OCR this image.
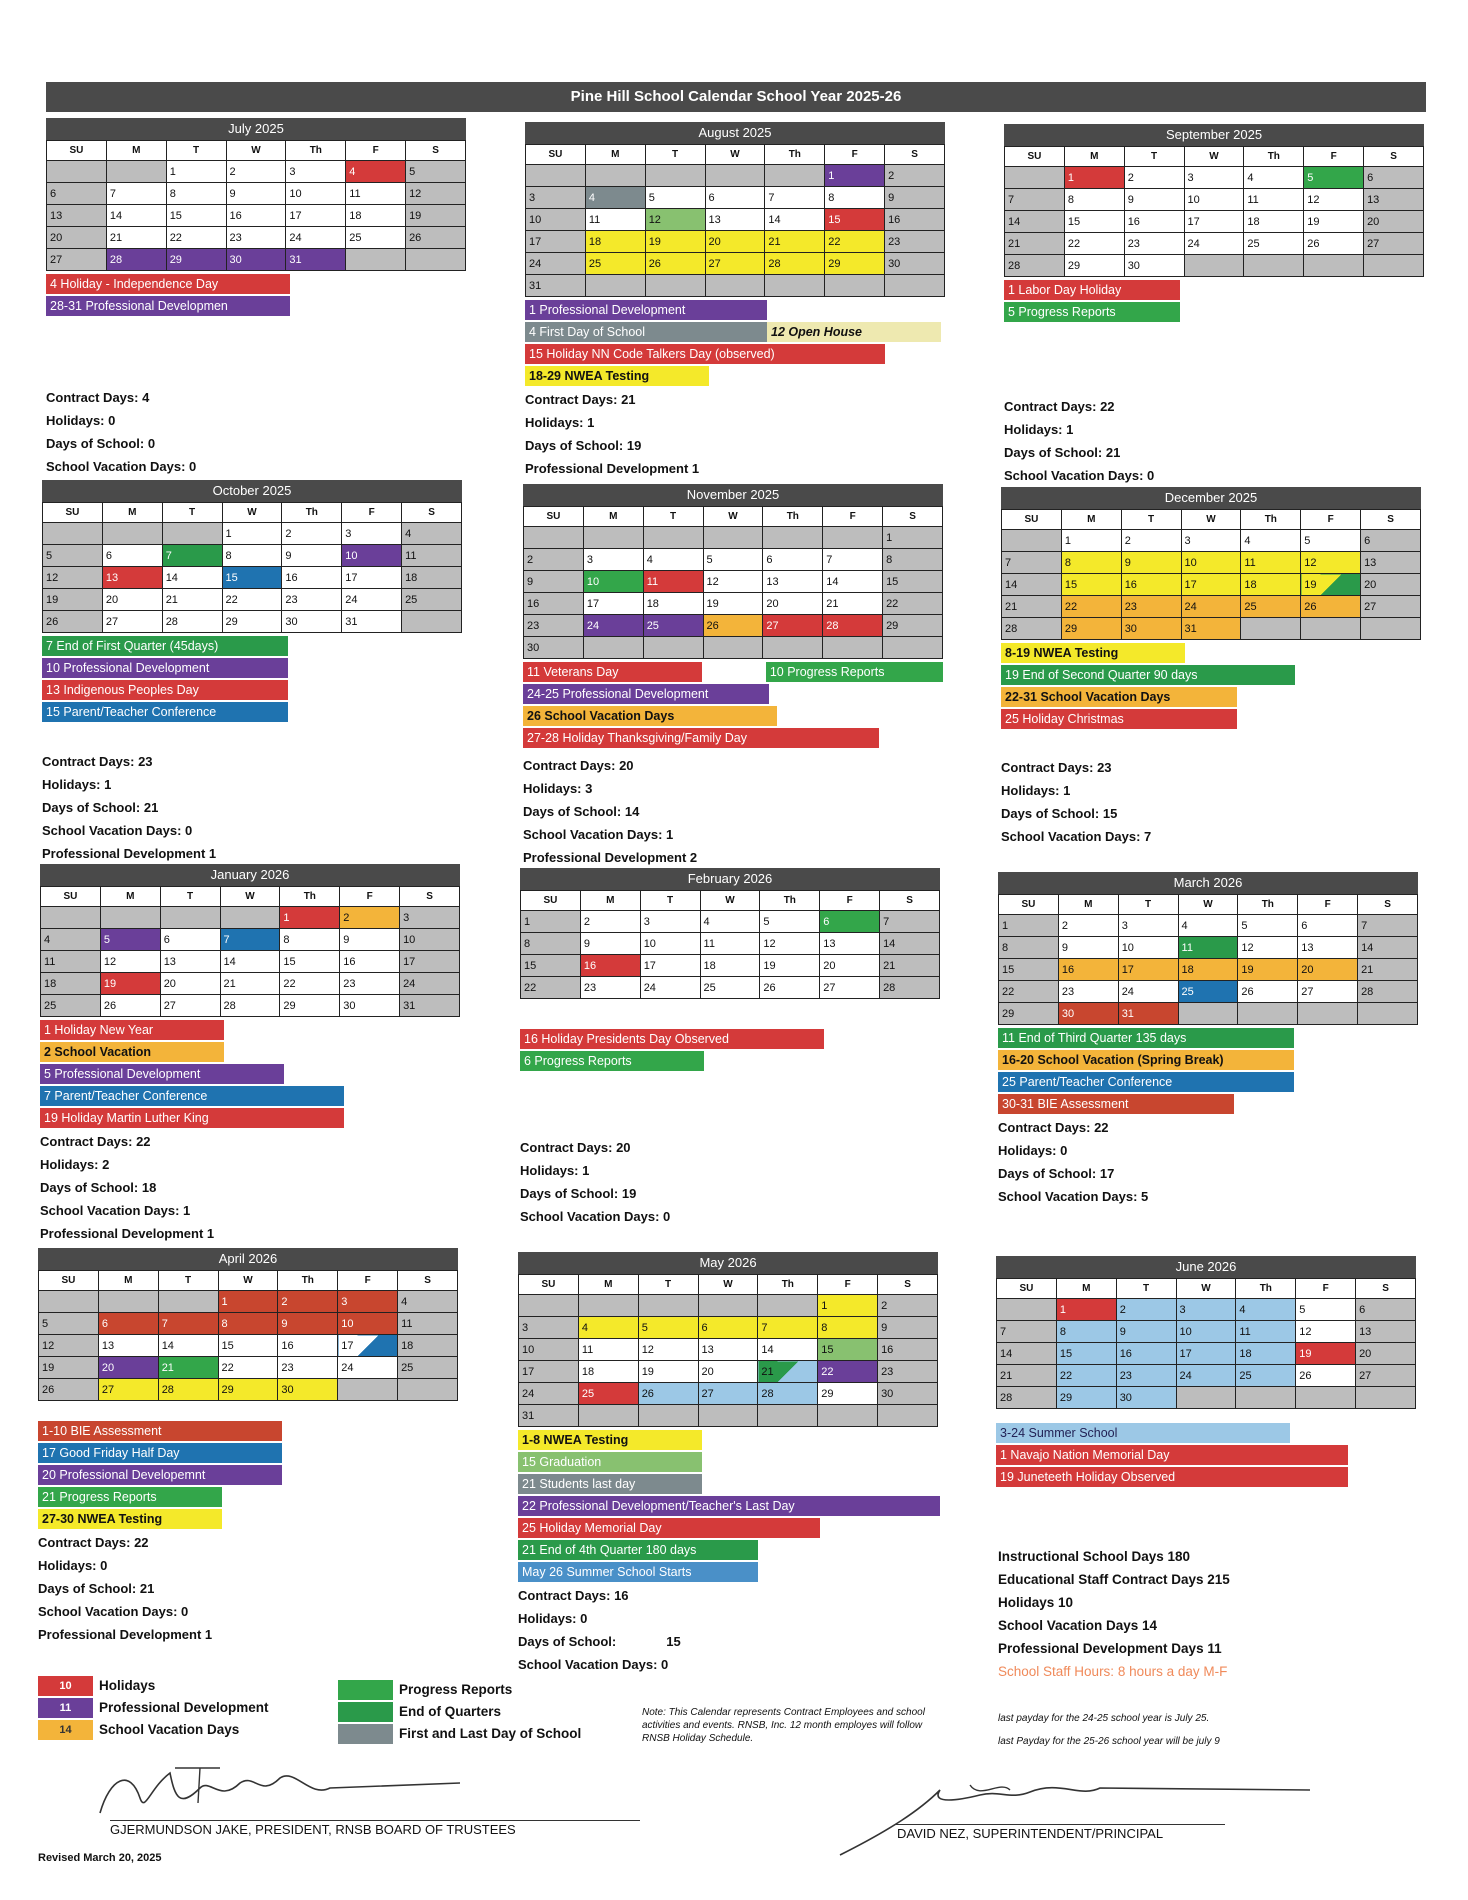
Pine Hill School Calendar School Year 2025-26
July 2025
SU	M	T	W	Th	F	S
		1	2	3	4	5
6	7	8	9	10	11	12
13	14	15	16	17	18	19
20	21	22	23	24	25	26
27	28	29	30	31		
4 Holiday - Independence Day
28-31 Professional Developmen
Contract Days: 4
Holidays: 0
Days of School: 0
School Vacation Days: 0
August 2025
SU	M	T	W	Th	F	S
					1	2
3	4	5	6	7	8	9
10	11	12	13	14	15	16
17	18	19	20	21	22	23
24	25	26	27	28	29	30
31						
1 Professional Development
4 First Day of School	12 Open House
15 Holiday NN Code Talkers Day (observed)
18-29 NWEA Testing
Contract Days: 21
Holidays: 1
Days of School: 19
Professional Development 1
September 2025
SU	M	T	W	Th	F	S
	1	2	3	4	5	6
7	8	9	10	11	12	13
14	15	16	17	18	19	20
21	22	23	24	25	26	27
28	29	30				
1 Labor Day Holiday
5 Progress Reports
Contract Days: 22
Holidays: 1
Days of School: 21
School Vacation Days: 0
October 2025
SU	M	T	W	Th	F	S
			1	2	3	4
5	6	7	8	9	10	11
12	13	14	15	16	17	18
19	20	21	22	23	24	25
26	27	28	29	30	31	
7 End of First Quarter (45days)
10 Professional Development
13 Indigenous Peoples Day
15 Parent/Teacher Conference
Contract Days: 23
Holidays: 1
Days of School: 21
School Vacation Days: 0
Professional Development 1
November 2025
SU	M	T	W	Th	F	S
						1
2	3	4	5	6	7	8
9	10	11	12	13	14	15
16	17	18	19	20	21	22
23	24	25	26	27	28	29
30						
11 Veterans Day	10 Progress Reports
24-25 Professional Development
26 School Vacation Days
27-28 Holiday Thanksgiving/Family Day
Contract Days: 20
Holidays: 3
Days of School: 14
School Vacation Days: 1
Professional Development 2
December 2025
SU	M	T	W	Th	F	S
	1	2	3	4	5	6
7	8	9	10	11	12	13
14	15	16	17	18	19	20
21	22	23	24	25	26	27
28	29	30	31			
8-19 NWEA Testing
19 End of Second Quarter 90 days
22-31 School Vacation Days
25 Holiday Christmas
Contract Days: 23
Holidays: 1
Days of School: 15
School Vacation Days: 7
January 2026
SU	M	T	W	Th	F	S
				1	2	3
4	5	6	7	8	9	10
11	12	13	14	15	16	17
18	19	20	21	22	23	24
25	26	27	28	29	30	31
1 Holiday New Year
2 School Vacation
5 Professional Development
7 Parent/Teacher Conference
19 Holiday Martin Luther King
Contract Days: 22
Holidays: 2
Days of School: 18
School Vacation Days: 1
Professional Development 1
February 2026
SU	M	T	W	Th	F	S
1	2	3	4	5	6	7
8	9	10	11	12	13	14
15	16	17	18	19	20	21
22	23	24	25	26	27	28
16 Holiday Presidents Day Observed
6 Progress Reports
Contract Days: 20
Holidays: 1
Days of School: 19
School Vacation Days: 0
March 2026
SU	M	T	W	Th	F	S
1	2	3	4	5	6	7
8	9	10	11	12	13	14
15	16	17	18	19	20	21
22	23	24	25	26	27	28
29	30	31				
11 End of Third Quarter 135 days
16-20 School Vacation (Spring Break)
25 Parent/Teacher Conference
30-31 BIE Assessment
Contract Days: 22
Holidays: 0
Days of School: 17
School Vacation Days: 5
April 2026
SU	M	T	W	Th	F	S
			1	2	3	4
5	6	7	8	9	10	11
12	13	14	15	16	17	18
19	20	21	22	23	24	25
26	27	28	29	30		
1-10 BIE Assessment
17 Good Friday Half Day
20 Professional Developemnt
21 Progress Reports
27-30 NWEA Testing
Contract Days: 22
Holidays: 0
Days of School: 21
School Vacation Days: 0
Professional Development 1
May 2026
SU	M	T	W	Th	F	S
					1	2
3	4	5	6	7	8	9
10	11	12	13	14	15	16
17	18	19	20	21	22	23
24	25	26	27	28	29	30
31						
1-8 NWEA Testing
15 Graduation
21 Students last day
22 Professional Development/Teacher's Last Day
25 Holiday Memorial Day
21 End of 4th Quarter 180 days
May 26 Summer School Starts
Contract Days: 16
Holidays: 0
Days of School:	15
School Vacation Days: 0
June 2026
SU	M	T	W	Th	F	S
	1	2	3	4	5	6
7	8	9	10	11	12	13
14	15	16	17	18	19	20
21	22	23	24	25	26	27
28	29	30				
3-24 Summer School
1 Navajo Nation Memorial Day
19 Juneteeth Holiday Observed
Instructional School Days 180
Educational Staff Contract Days 215
Holidays 10
School Vacation Days 14
Professional Development Days 11
School Staff Hours: 8 hours a day M-F
last payday for the 24-25 school year is July 25.
last Payday for the 25-26 school year will be july 9
10	Holidays
11	Professional Development
14	School Vacation Days
Progress Reports
End of Quarters
First and Last Day of School
Note: This Calendar represents Contract Employees and school activities and events. RNSB, Inc. 12 month employes will follow RNSB Holiday Schedule.
GJERMUNDSON JAKE, PRESIDENT, RNSB BOARD OF TRUSTEES	DAVID NEZ, SUPERINTENDENT/PRINCIPAL
Revised March 20, 2025
